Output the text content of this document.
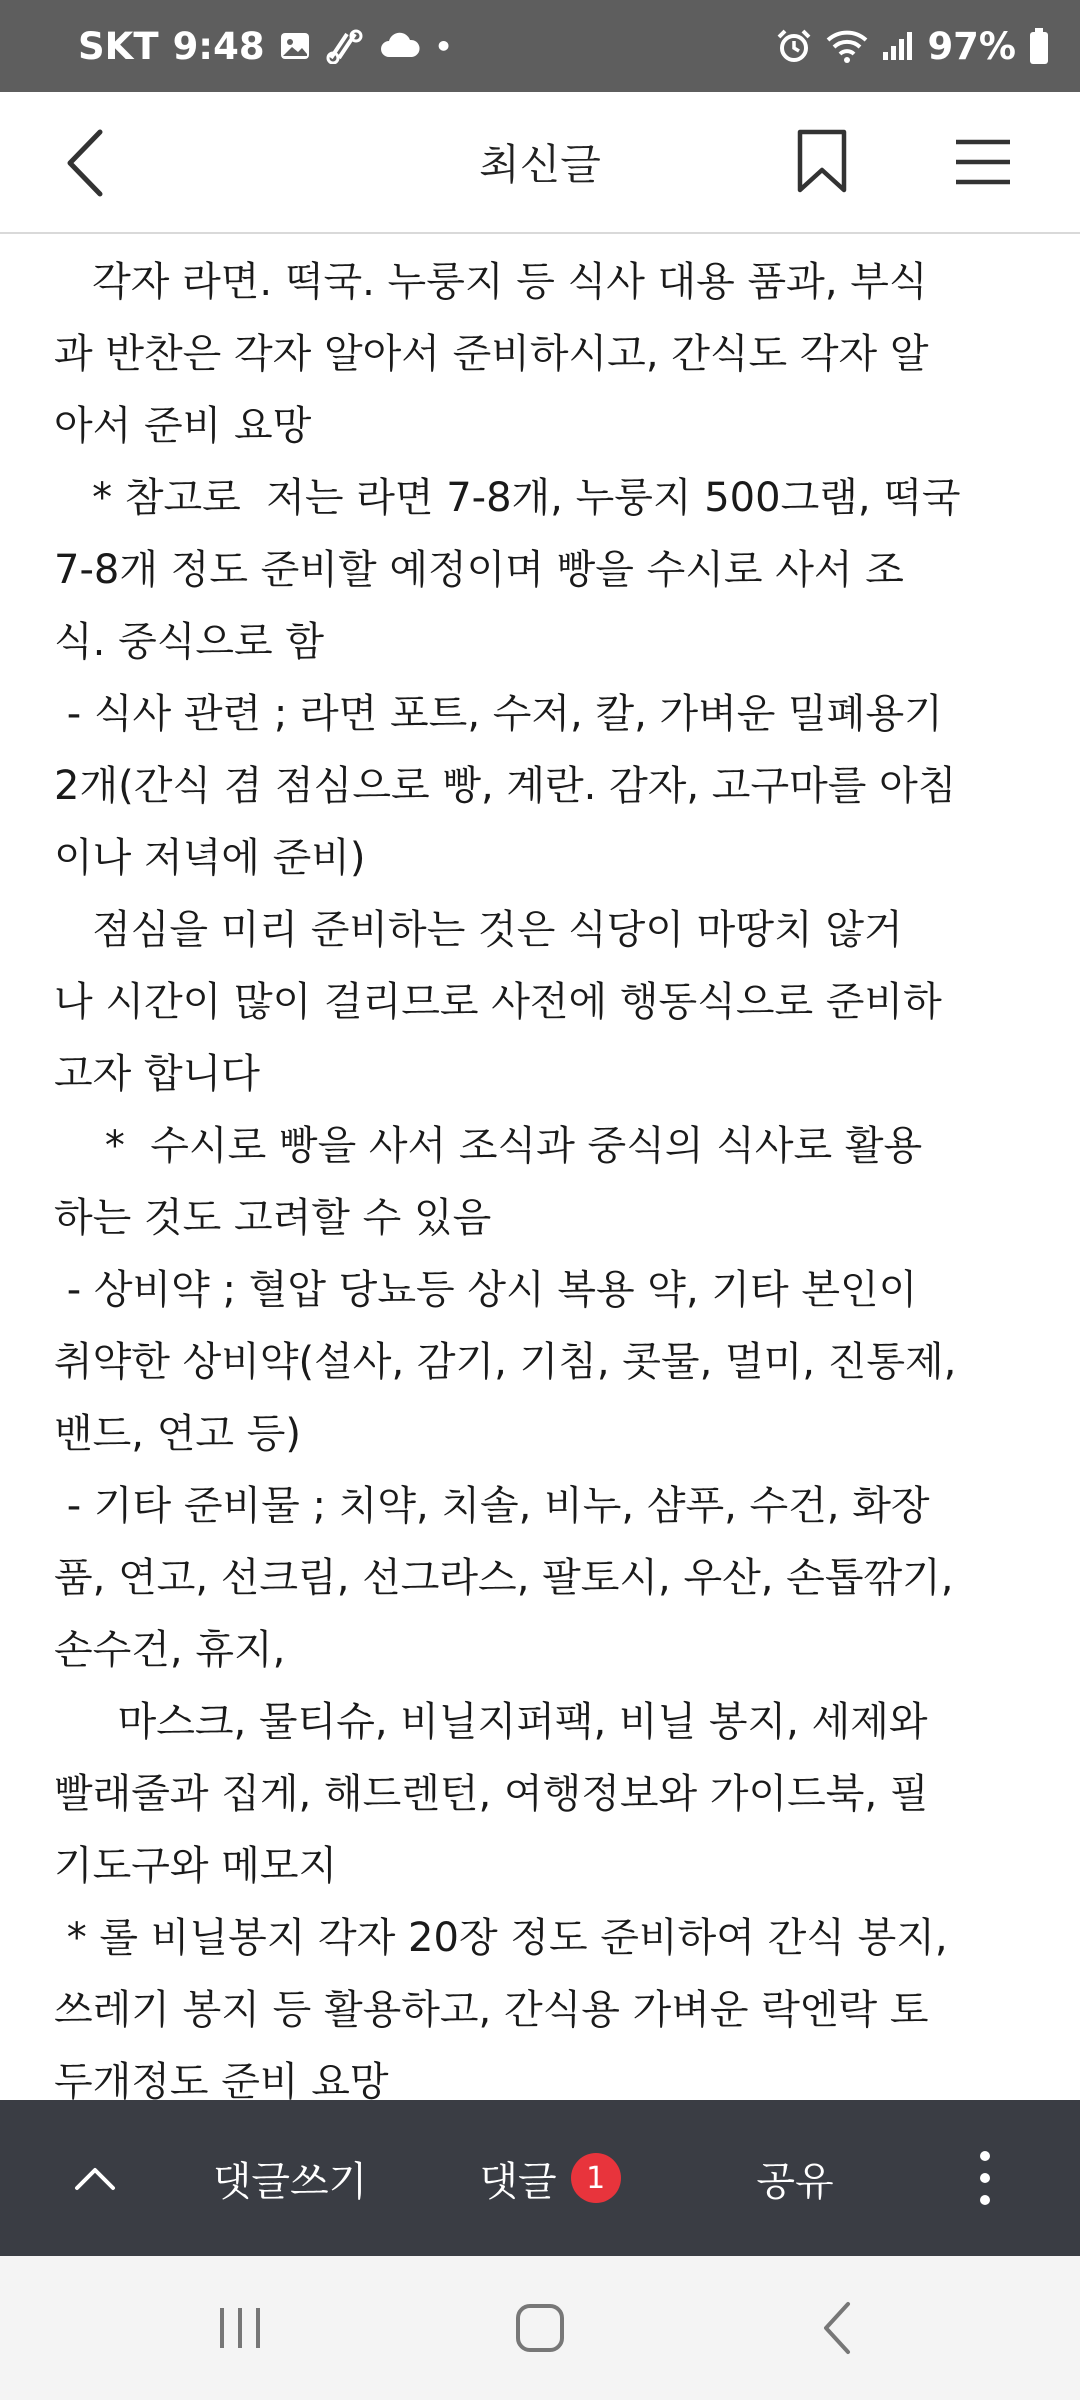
SKT 9:48	•	97%
최신글

각자 라면. 떡국. 누룽지 등 식사 대용 품과, 부식

과 반찬은 각자 알아서 준비하시고, 간식도 각자 알

아서 준비 요망

* 참고로  저는 라면 7-8개, 누룽지 500그램, 떡국

7-8개 정도 준비할 예정이며 빵을 수시로 사서 조

식. 중식으로 함

- 식사 관련 ; 라면 포트, 수저, 칼, 가벼운 밀폐용기

2개(간식 겸 점심으로 빵, 계란. 감자, 고구마를 아침

이나 저녁에 준비)

점심을 미리 준비하는 것은 식당이 마땅치 않거

나 시간이 많이 걸리므로 사전에 행동식으로 준비하

고자 합니다

*  수시로 빵을 사서 조식과 중식의 식사로 활용

하는 것도 고려할 수 있음

- 상비약 ; 혈압 당뇨등 상시 복용 약, 기타 본인이

취약한 상비약(설사, 감기, 기침, 콧물, 멀미, 진통제,

밴드, 연고 등)

- 기타 준비물 ; 치약, 치솔, 비누, 샴푸, 수건, 화장

품, 연고, 선크림, 선그라스, 팔토시, 우산, 손톱깎기,

손수건, 휴지,

마스크, 물티슈, 비닐지퍼팩, 비닐 봉지, 세제와

빨래줄과 집게, 해드렌턴, 여행정보와 가이드북, 필

기도구와 메모지

* 롤 비닐봉지 각자 20장 정도 준비하여 간식 봉지,

쓰레기 봉지 등 활용하고, 간식용 가벼운 락엔락 토

두개정도 준비 요망

댓글쓰기	댓글 1	공유
